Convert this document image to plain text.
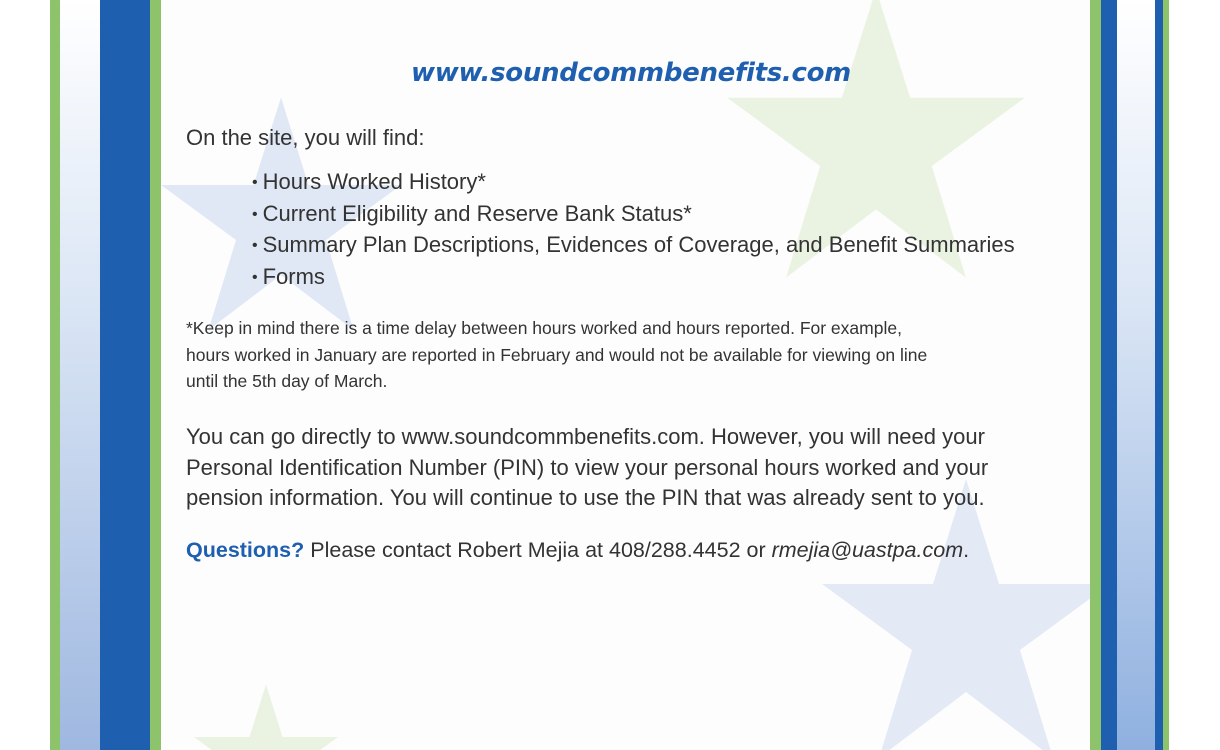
www.soundcommbenefits.com
On the site, you will find:
• Hours Worked History*
• Current Eligibility and Reserve Bank Status*
• Summary Plan Descriptions, Evidences of Coverage, and Benefit Summaries
• Forms

*Keep in mind there is a time delay between hours worked and hours reported. For example,

hours worked in January are reported in February and would not be available for viewing on line

until the 5th day of March.

You can go directly to www.soundcommbenefits.com. However, you will need your

Personal Identification Number (PIN) to view your personal hours worked and your

pension information. You will continue to use the PIN that was already sent to you.

Questions? Please contact Robert Mejia at 408/288.4452 or rmejia@uastpa.com.
